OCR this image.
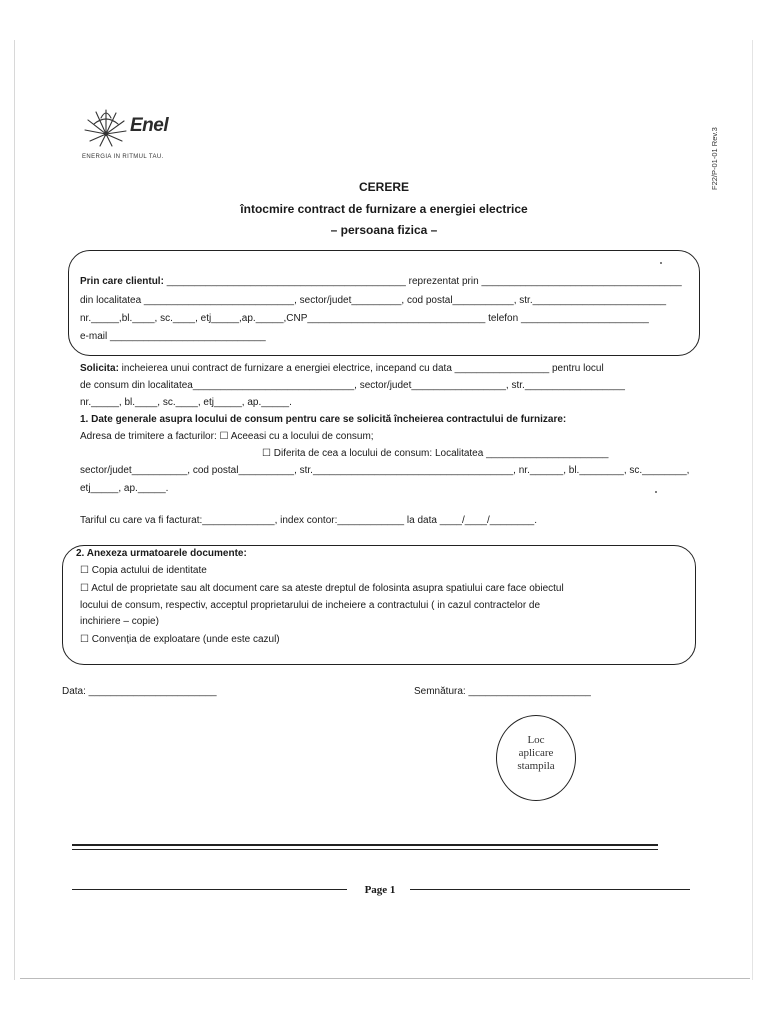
Enel
ENERGIA IN RITMUL TAU.	F22/P-01-01 Rev.3
CERERE
întocmire contract de furnizare a energiei electrice
– persoana fizica –
Prin care clientul: ___________________________________________ reprezentat prin ____________________________________
din localitatea ___________________________, sector/judet_________, cod postal___________, str.________________________
nr._____,bl.____, sc.____, etj_____,ap._____,CNP________________________________ telefon _______________________
e-mail ____________________________
Solicita: incheierea unui contract de furnizare a energiei electrice, incepand cu data _________________ pentru locul
de consum din localitatea_____________________________, sector/judet_________________, str.__________________
nr._____, bl.____, sc.____, etj_____, ap._____.
1. Date generale asupra locului de consum pentru care se solicită încheierea contractului de furnizare:
Adresa de trimitere a facturilor: ☐ Aceeasi cu a locului de consum;
☐ Diferita de cea a locului de consum: Localitatea ______________________
sector/judet__________, cod postal__________, str.____________________________________, nr.______, bl.________, sc.________,
etj_____, ap._____.
Tariful cu care va fi facturat:_____________, index contor:____________ la data ____/____/________.
2. Anexeza urmatoarele documente:
☐ Copia actului de identitate
☐ Actul de proprietate sau alt document care sa ateste dreptul de folosinta asupra spatiului care face obiectul
locului de consum, respectiv, acceptul proprietarului de incheiere a contractului ( in cazul contractelor de
inchiriere – copie)
☐ Convenția de exploatare (unde este cazul)
Data: _______________________	Semnătura: ______________________
Loc
aplicare
stampila
Page 1
